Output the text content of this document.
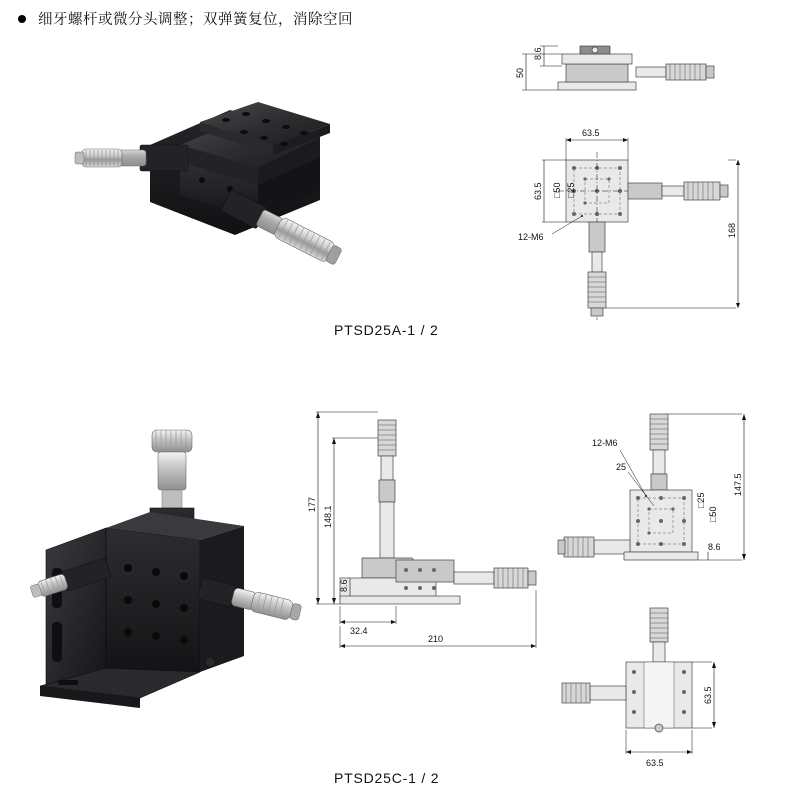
细牙螺杆或微分头调整；双弹簧复位，消除空回
8.6
50
63.5
63.5 □50 □25
12-M6	168
PTSD25A-1 / 2
177
148.1
8.6
32.4
210
12-M6
25
□25
□50
147.5
8.6
63.5
63.5
PTSD25C-1 / 2
